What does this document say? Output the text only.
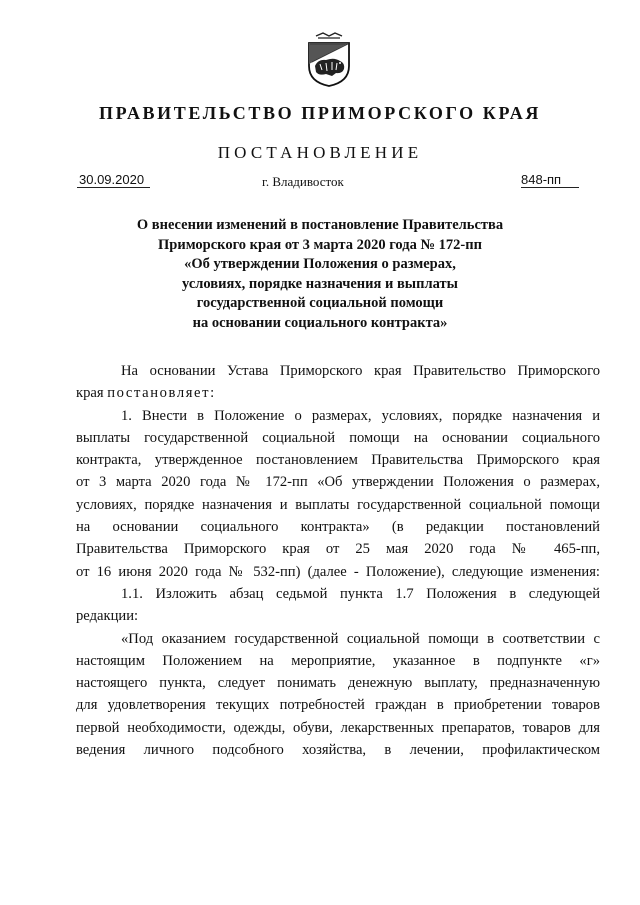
ПРАВИТЕЛЬСТВО ПРИМОРСКОГО КРАЯ
ПОСТАНОВЛЕНИЕ
30.09.2020	г. Владивосток	848-пп
О внесении изменений в постановление Правительства
Приморского края от 3 марта 2020 года № 172-пп
«Об утверждении Положения о размерах,
условиях, порядке назначения и выплаты
государственной социальной помощи
на основании социального контракта»
На основании Устава Приморского края Правительство Приморского
края постановляет:
1. Внести в Положение о размерах, условиях, порядке назначения и
выплаты государственной социальной помощи на основании социального
контракта, утвержденное постановлением Правительства Приморского края
от 3 марта 2020 года № 172-пп «Об утверждении Положения о размерах,
условиях, порядке назначения и выплаты государственной социальной помощи
на основании социального контракта» (в редакции постановлений
Правительства Приморского края от 25 мая 2020 года № 465-пп,
от 16 июня 2020 года № 532-пп) (далее - Положение), следующие изменения:
1.1. Изложить абзац седьмой пункта 1.7 Положения в следующей
редакции:
«Под оказанием государственной социальной помощи в соответствии с
настоящим Положением на мероприятие, указанное в подпункте «г»
настоящего пункта, следует понимать денежную выплату, предназначенную
для удовлетворения текущих потребностей граждан в приобретении товаров
первой необходимости, одежды, обуви, лекарственных препаратов, товаров для
ведения личного подсобного хозяйства, в лечении, профилактическом
